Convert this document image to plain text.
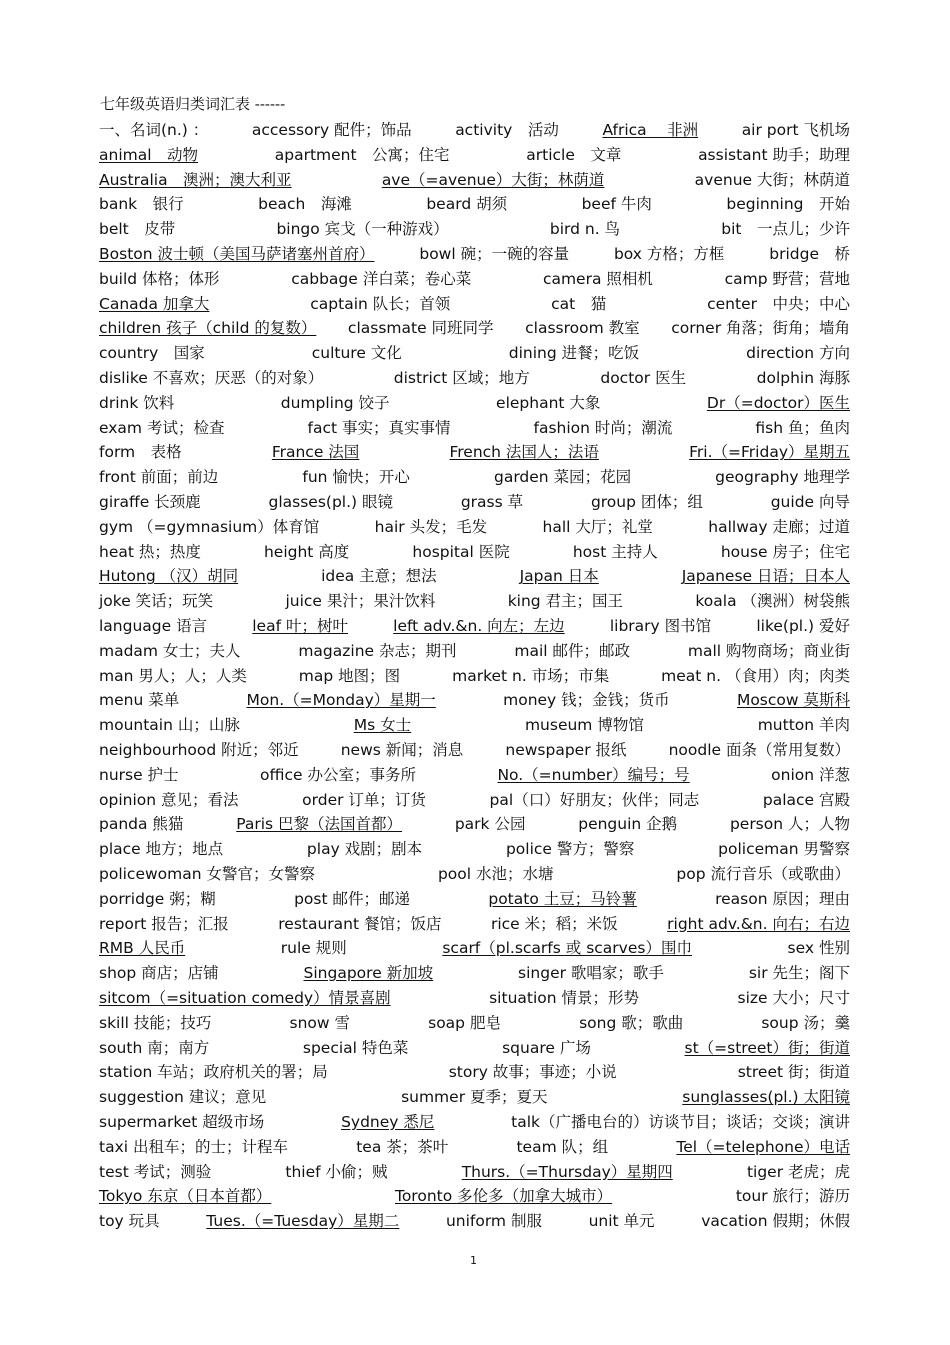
七年级英语归类词汇表 ------
一、名词(n.) ：	accessory 配件；饰品	activity　活动	Africa　 非洲	air port 飞机场
animal　动物	apartment　公寓；住宅	article　文章	assistant 助手；助理
Australia　澳洲；澳大利亚	ave（=avenue）大街；林荫道	avenue 大街；林荫道
bank　银行	beach　海滩	beard 胡须	beef 牛肉	beginning　开始
belt　皮带	bingo 宾戈（一种游戏）	bird n. 鸟	bit　一点儿；少许
Boston 波士顿（美国马萨诸塞州首府）	bowl 碗；一碗的容量	box 方格；方框	bridge　桥
build 体格；体形	cabbage 洋白菜；卷心菜	camera 照相机	camp 野营；营地
Canada 加拿大	captain 队长；首领	cat　猫	center　中央；中心
children 孩子（child 的复数） classmate 同班同学 classroom 教室 corner 角落；街角；墙角
country　国家	culture 文化	dining 进餐；吃饭	direction 方向
dislike 不喜欢；厌恶（的对象）	district 区域；地方	doctor 医生	dolphin 海豚
drink 饮料	dumpling 饺子	elephant 大象	Dr（=doctor）医生
exam 考试；检查	fact 事实；真实事情	fashion 时尚；潮流	fish 鱼；鱼肉
form　表格	France 法国	French 法国人；法语	Fri.（=Friday）星期五
front 前面；前边	fun 愉快；开心	garden 菜园；花园	geography 地理学
giraffe 长颈鹿	glasses(pl.) 眼镜	grass 草	group 团体；组	guide 向导
gym （=gymnasium）体育馆	hair 头发；毛发	hall 大厅；礼堂	hallway 走廊；过道
heat 热；热度	height 高度	hospital 医院	host 主持人	house 房子；住宅
Hutong （汉）胡同	idea 主意；想法	Japan 日本	Japanese 日语；日本人
joke 笑话；玩笑	juice 果汁；果汁饮料	king 君主；国王	koala （澳洲）树袋熊
language 语言	leaf 叶；树叶	left adv.&n. 向左；左边	library 图书馆	like(pl.) 爱好
madam 女士；夫人	magazine 杂志；期刊	mail 邮件；邮政	mall 购物商场；商业街
man 男人；人；人类	map 地图；图	market n. 市场；市集	meat n. （食用）肉；肉类
menu 菜单	Mon.（=Monday）星期一	money 钱；金钱；货币	Moscow 莫斯科
mountain 山；山脉	Ms 女士	museum 博物馆	mutton 羊肉
neighbourhood 附近；邻近	news 新闻；消息	newspaper 报纸	noodle 面条（常用复数）
nurse 护士	office 办公室；事务所	No.（=number）编号；号	onion 洋葱
opinion 意见；看法	order 订单；订货	pal（口）好朋友；伙伴；同志	palace 宫殿
panda 熊猫	Paris 巴黎（法国首都）	park 公园	penguin 企鹅	person 人；人物
place 地方；地点	play 戏剧；剧本	police 警方；警察	policeman 男警察
policewoman 女警官；女警察	pool 水池；水塘	pop 流行音乐（或歌曲）
porridge 粥；糊	post 邮件；邮递	potato 土豆；马铃薯	reason 原因；理由
report 报告；汇报	restaurant 餐馆；饭店	rice 米；稻；米饭	right adv.&n. 向右；右边
RMB 人民币	rule 规则	scarf（pl.scarfs 或 scarves）围巾	sex 性别
shop 商店；店铺	Singapore 新加坡	singer 歌唱家；歌手	sir 先生；阁下
sitcom（=situation comedy）情景喜剧	situation 情景；形势	size 大小；尺寸
skill 技能；技巧	snow 雪	soap 肥皂	song 歌；歌曲	soup 汤；羹
south 南；南方	special 特色菜	square 广场	st（=street）街；街道
station 车站；政府机关的署；局	story 故事；事迹；小说	street 街；街道
suggestion 建议；意见	summer 夏季；夏天	sunglasses(pl.) 太阳镜
supermarket 超级市场	Sydney 悉尼	talk（广播电台的）访谈节目；谈话；交谈；演讲
taxi 出租车；的士；计程车	tea 茶；茶叶	team 队；组	Tel（=telephone）电话
test 考试；测验	thief 小偷；贼	Thurs.（=Thursday）星期四	tiger 老虎；虎
Tokyo 东京（日本首都）	Toronto 多伦多（加拿大城市）	tour 旅行；游历
toy 玩具	Tues.（=Tuesday）星期二	uniform 制服	unit 单元	vacation 假期；休假
1
